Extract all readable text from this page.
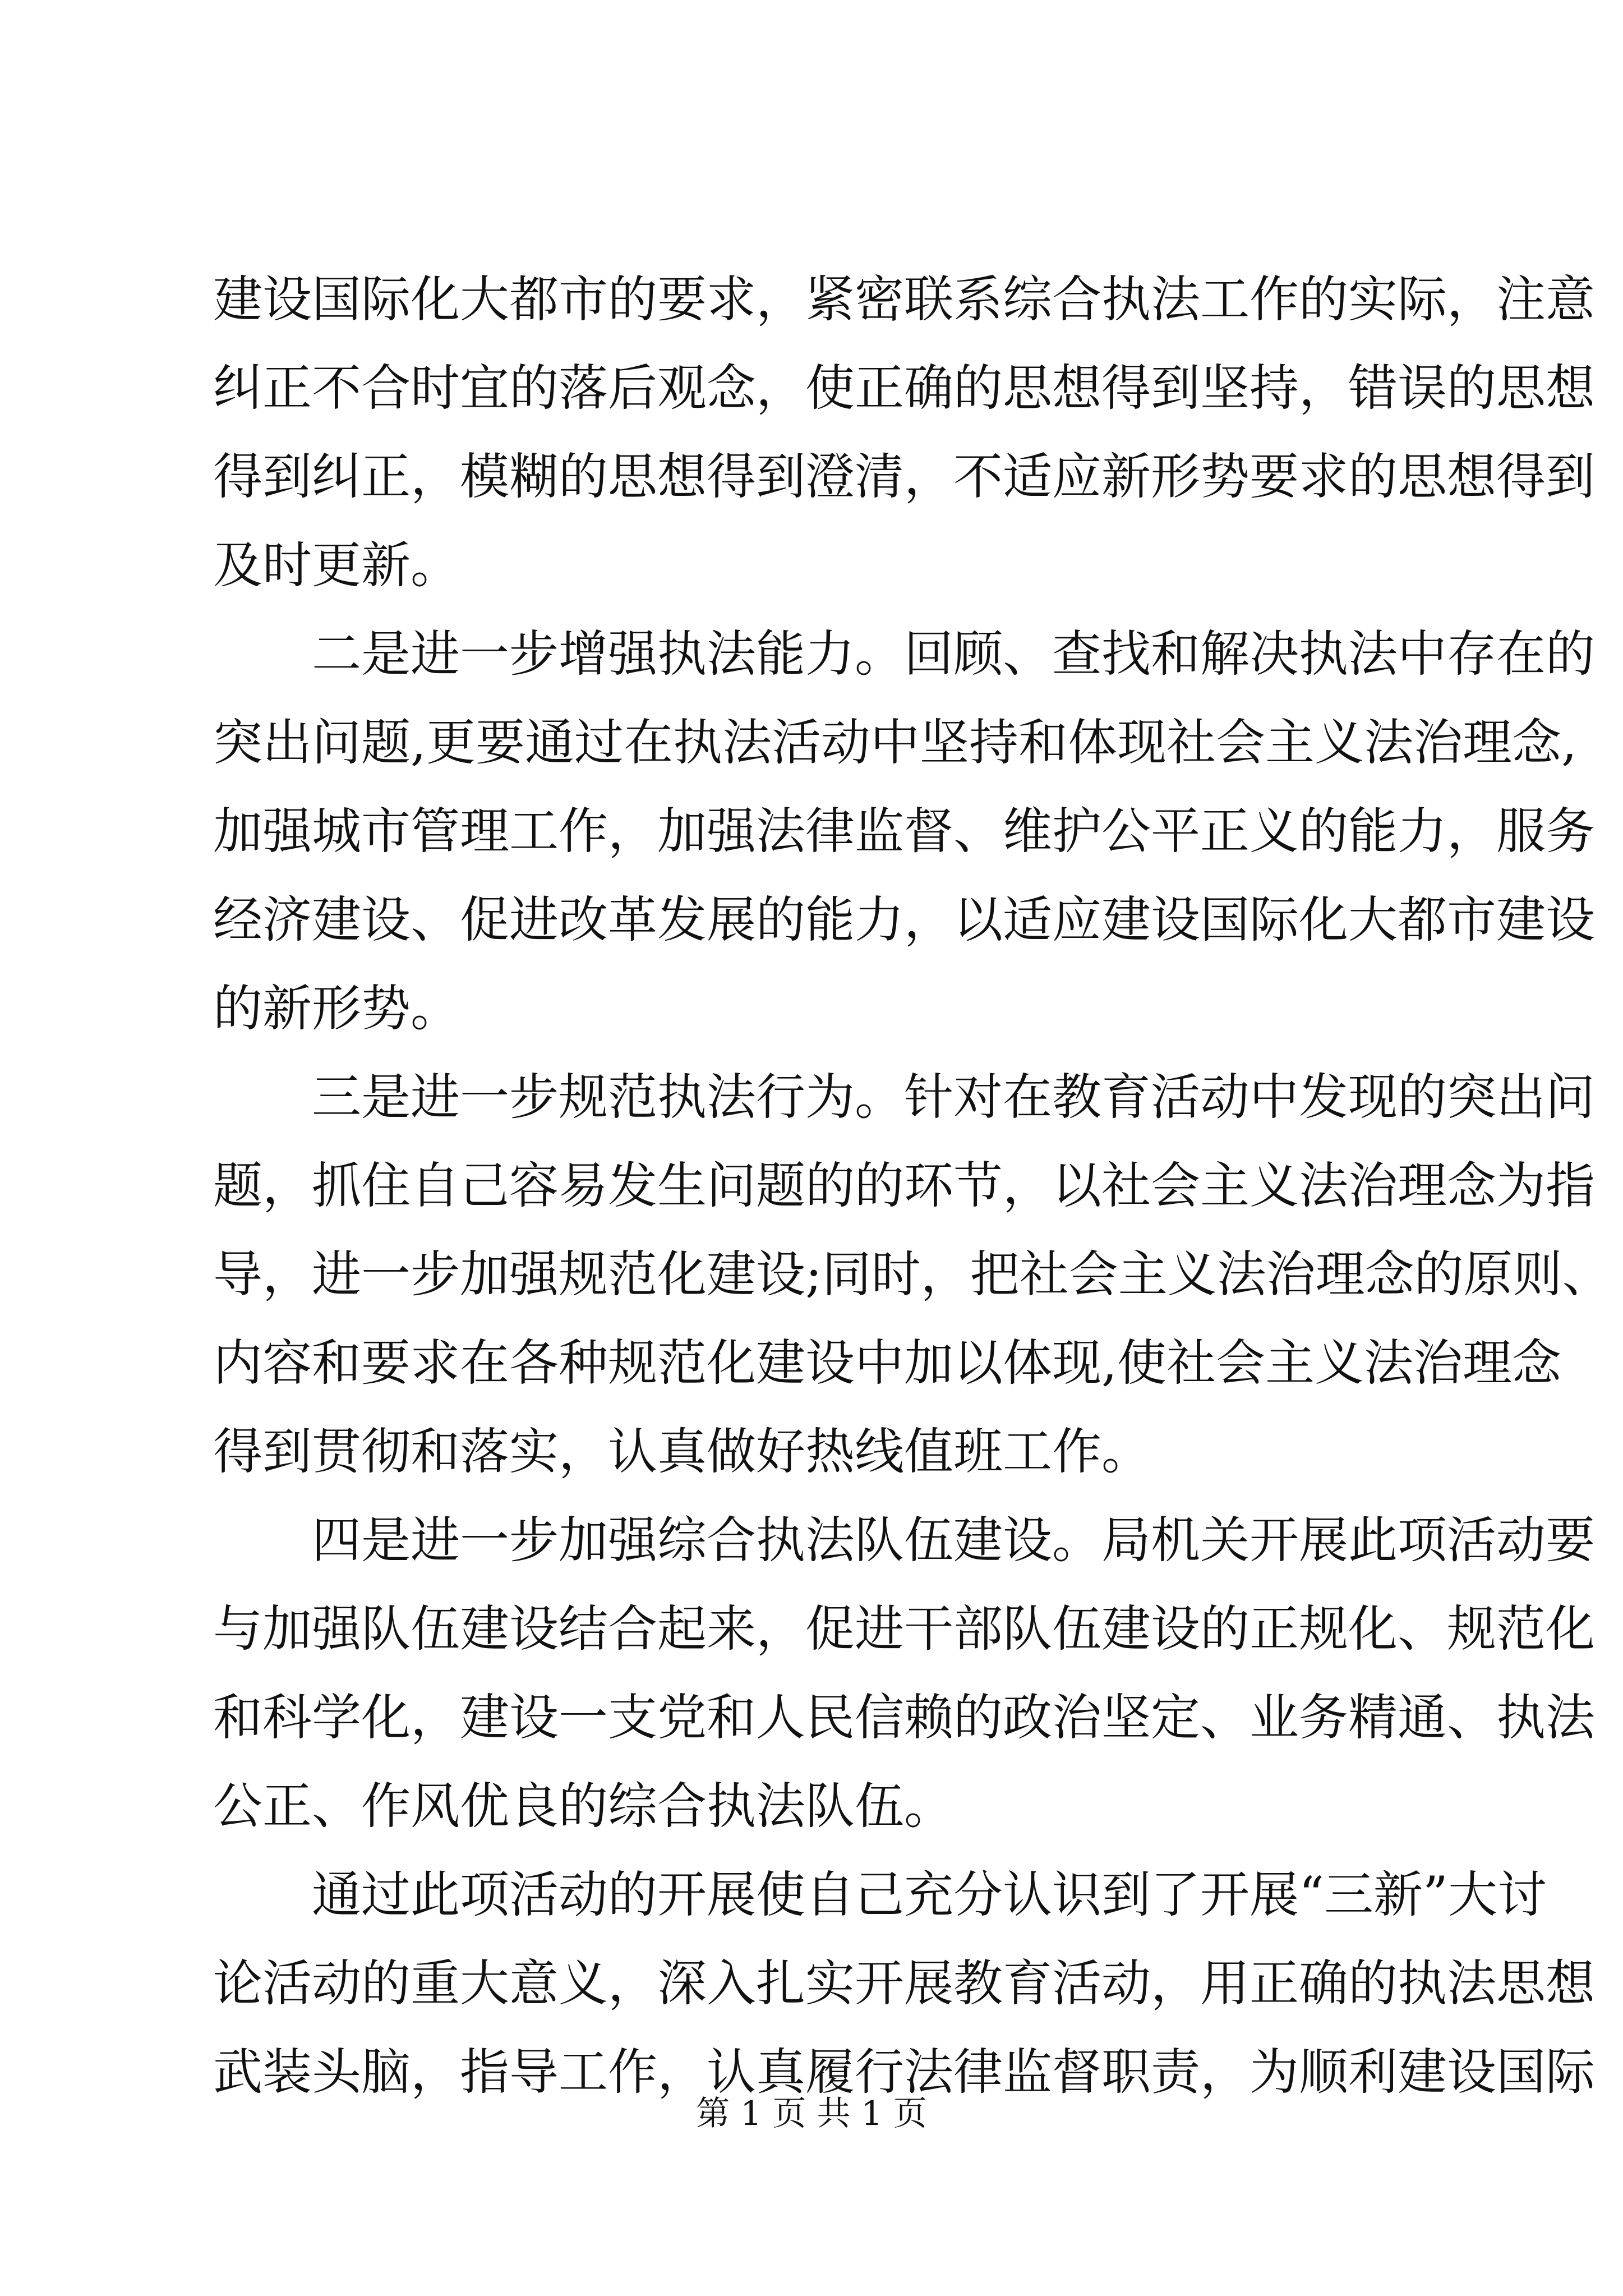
建设国际化大都市的要求，紧密联系综合执法工作的实际，注意
纠正不合时宜的落后观念，使正确的思想得到坚持，错误的思想
得到纠正，模糊的思想得到澄清，不适应新形势要求的思想得到
及时更新。
二是进一步增强执法能力。回顾、查找和解决执法中存在的
突出问题,更要通过在执法活动中坚持和体现社会主义法治理念,
加强城市管理工作，加强法律监督、维护公平正义的能力，服务
经济建设、促进改革发展的能力，以适应建设国际化大都市建设
的新形势。
三是进一步规范执法行为。针对在教育活动中发现的突出问
题，抓住自己容易发生问题的的环节，以社会主义法治理念为指
导，进一步加强规范化建设;同时，把社会主义法治理念的原则、
内容和要求在各种规范化建设中加以体现,使社会主义法治理念
得到贯彻和落实，认真做好热线值班工作。
四是进一步加强综合执法队伍建设。局机关开展此项活动要
与加强队伍建设结合起来，促进干部队伍建设的正规化、规范化
和科学化，建设一支党和人民信赖的政治坚定、业务精通、执法
公正、作风优良的综合执法队伍。
通过此项活动的开展使自己充分认识到了开展“三新”大讨
论活动的重大意义，深入扎实开展教育活动，用正确的执法思想
武装头脑，指导工作，认真履行法律监督职责，为顺利建设国际
第 1 页 共 1 页
